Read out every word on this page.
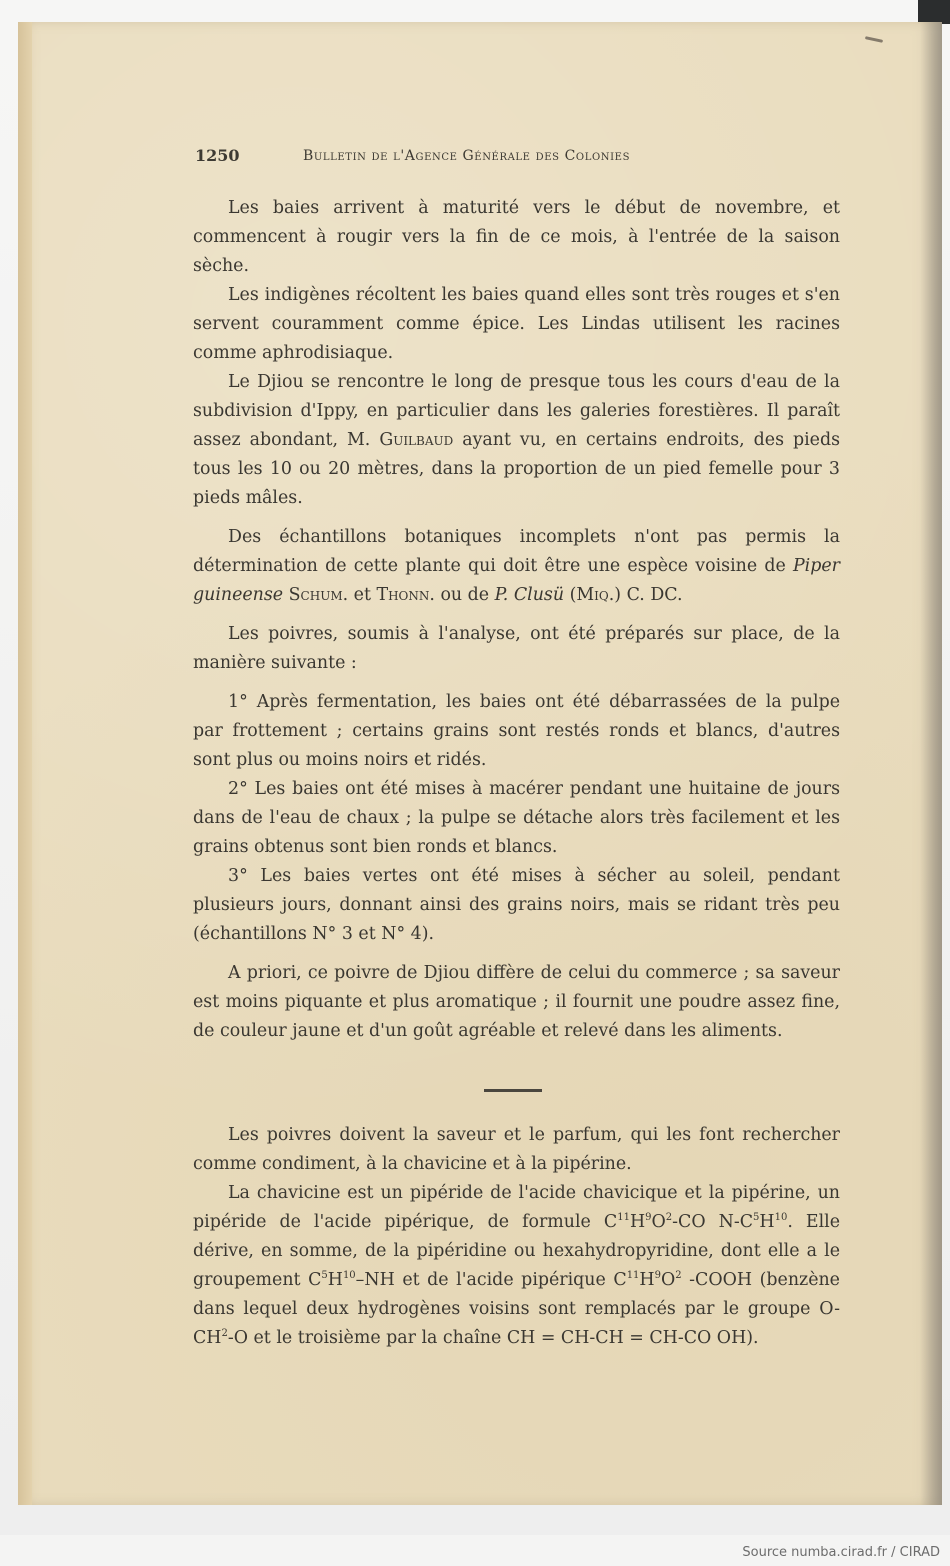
1250	Bulletin de l'Agence Générale des Colonies

Les baies arrivent à maturité vers le début de novembre, et commencent à rougir vers la fin de ce mois, à l'entrée de la saison sèche.

Les indigènes récoltent les baies quand elles sont très rouges et s'en servent couramment comme épice. Les Lindas utilisent les racines comme aphrodisiaque.

Le Djiou se rencontre le long de presque tous les cours d'eau de la subdivision d'Ippy, en particulier dans les galeries forestières. Il paraît assez abondant, M. Guilbaud ayant vu, en certains endroits, des pieds tous les 10 ou 20 mètres, dans la proportion de un pied femelle pour 3 pieds mâles.

Des échantillons botaniques incomplets n'ont pas permis la détermination de cette plante qui doit être une espèce voisine de Piper guineense Schum. et Thonn. ou de P. Clusü (Miq.) C. DC.

Les poivres, soumis à l'analyse, ont été préparés sur place, de la manière suivante :

1° Après fermentation, les baies ont été débarrassées de la pulpe par frottement ; certains grains sont restés ronds et blancs, d'autres sont plus ou moins noirs et ridés.

2° Les baies ont été mises à macérer pendant une huitaine de jours dans de l'eau de chaux ; la pulpe se détache alors très facilement et les grains obtenus sont bien ronds et blancs.

3° Les baies vertes ont été mises à sécher au soleil, pendant plusieurs jours, donnant ainsi des grains noirs, mais se ridant très peu (échantillons N° 3 et N° 4).

A priori, ce poivre de Djiou diffère de celui du commerce ; sa saveur est moins piquante et plus aromatique ; il fournit une poudre assez fine, de couleur jaune et d'un goût agréable et relevé dans les aliments.

Les poivres doivent la saveur et le parfum, qui les font rechercher comme condiment, à la chavicine et à la pipérine.

La chavicine est un pipéride de l'acide chavicique et la pipérine, un pipéride de l'acide pipérique, de formule $C^{11}H^9O^2-CO$ $N-C^5H^{10}$. Elle dérive, en somme, de la pipéridine ou hexahydropyridine, dont elle a le groupement $C^5H^{10}-NH$ et de l'acide pipérique $C^{11}H^9O^2$ -COOH (benzène dans lequel deux hydrogènes voisins sont remplacés par le groupe $O-CH^2-O$ et le troisième par la chaîne CH = CH-CH = CH-CO OH).

Source numba.cirad.fr / CIRAD
